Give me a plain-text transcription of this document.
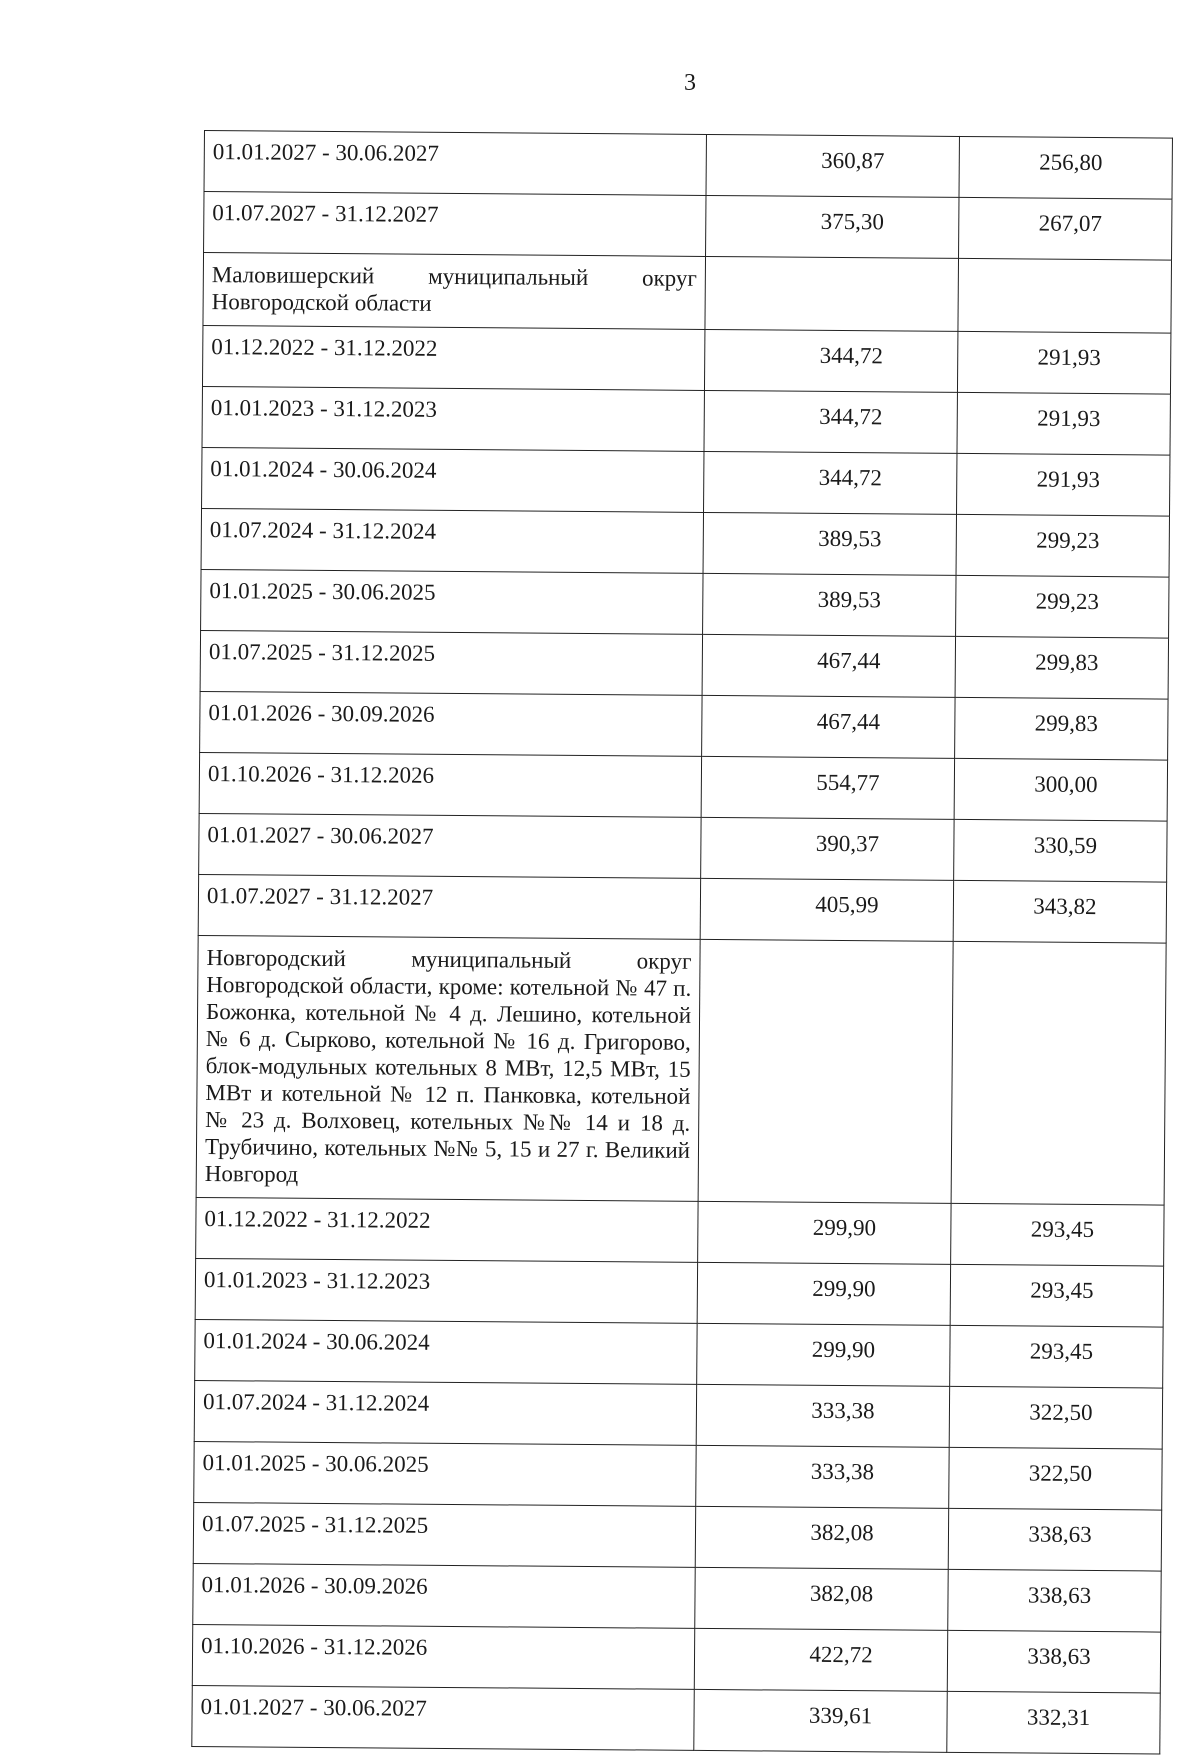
3
01.01.2027 - 30.06.2027	360,87	256,80
01.07.2027 - 31.12.2027	375,30	267,07

Маловишерский муниципальный округ
Новгородской области		

01.12.2022 - 31.12.2022	344,72	291,93
01.01.2023 - 31.12.2023	344,72	291,93
01.01.2024 - 30.06.2024	344,72	291,93
01.07.2024 - 31.12.2024	389,53	299,23
01.01.2025 - 30.06.2025	389,53	299,23
01.07.2025 - 31.12.2025	467,44	299,83
01.01.2026 - 30.09.2026	467,44	299,83
01.10.2026 - 31.12.2026	554,77	300,00
01.01.2027 - 30.06.2027	390,37	330,59
01.07.2027 - 31.12.2027	405,99	343,82
Новгородский муниципальный округ Новгородской области, кроме: котельной № 47 п. Божонка, котельной № 4 д. Лешино, котельной № 6 д. Сырково, котельной № 16 д. Григорово, блок-модульных котельных 8 МВт, 12,5 МВт, 15 МВт и котельной № 12 п. Панковка, котельной № 23 д. Волховец, котельных №№ 14 и 18 д. Трубичино, котельных №№ 5, 15 и 27 г. Великий Новгород		
01.12.2022 - 31.12.2022	299,90	293,45
01.01.2023 - 31.12.2023	299,90	293,45
01.01.2024 - 30.06.2024	299,90	293,45
01.07.2024 - 31.12.2024	333,38	322,50
01.01.2025 - 30.06.2025	333,38	322,50
01.07.2025 - 31.12.2025	382,08	338,63
01.01.2026 - 30.09.2026	382,08	338,63
01.10.2026 - 31.12.2026	422,72	338,63
01.01.2027 - 30.06.2027	339,61	332,31
